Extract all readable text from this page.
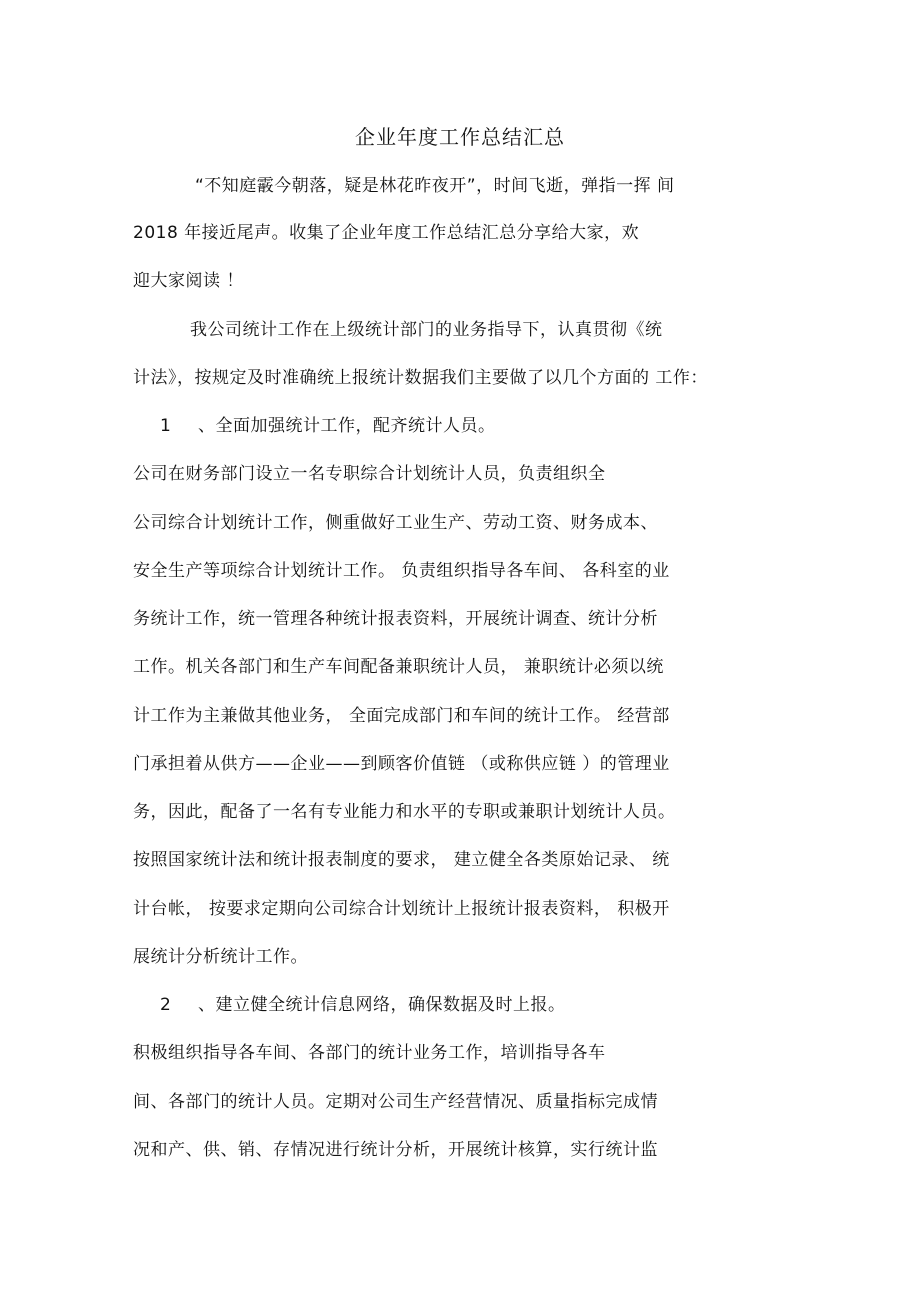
企业年度工作总结汇总
“不知庭霰今朝落，疑是林花昨夜开”，时间飞逝，弹指一挥 间
2018 年接近尾声。收集了企业年度工作总结汇总分享给大家，欢
迎大家阅读 ！
我公司统计工作在上级统计部门的业务指导下，认真贯彻《统
计法》，按规定及时准确统上报统计数据我们主要做了以几个方面的 工作：
1 、全面加强统计工作，配齐统计人员。
公司在财务部门设立一名专职综合计划统计人员，负责组织全
公司综合计划统计工作，侧重做好工业生产、劳动工资、财务成本、
安全生产等项综合计划统计工作。 负责组织指导各车间、 各科室的业
务统计工作，统一管理各种统计报表资料，开展统计调查、统计分析
工作。机关各部门和生产车间配备兼职统计人员， 兼职统计必须以统
计工作为主兼做其他业务， 全面完成部门和车间的统计工作。 经营部
门承担着从供方——企业——到顾客价值链 （或称供应链 ）的管理业
务，因此，配备了一名有专业能力和水平的专职或兼职计划统计人员。
按照国家统计法和统计报表制度的要求， 建立健全各类原始记录、 统
计台帐， 按要求定期向公司综合计划统计上报统计报表资料， 积极开
展统计分析统计工作。
2 、建立健全统计信息网络，确保数据及时上报。
积极组织指导各车间、各部门的统计业务工作，培训指导各车
间、各部门的统计人员。定期对公司生产经营情况、质量指标完成情
况和产、供、销、存情况进行统计分析，开展统计核算，实行统计监
